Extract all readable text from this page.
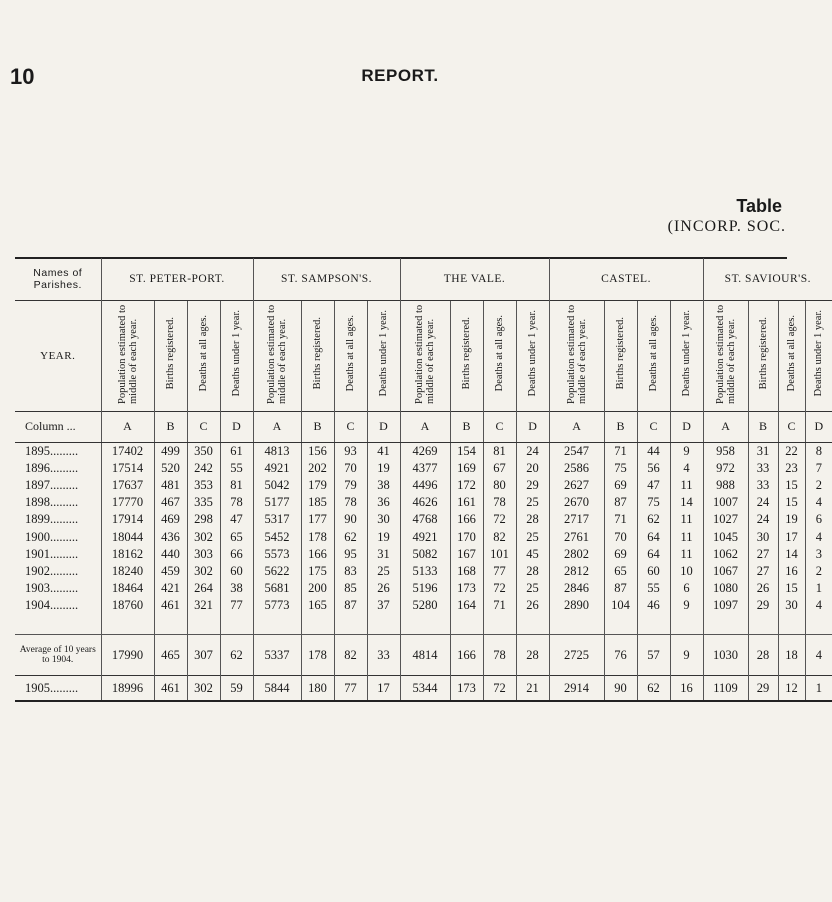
10	REPORT.
Table
(INCORP. SOC.
Names of Parishes.	ST. PETER-PORT.				ST. SAMPSON'S.				THE VALE.				CASTEL.				ST. SAVIOUR'S.			
YEAR.	Population estimated to middle of each year.	Births registered.	Deaths at all ages.	Deaths under 1 year.	Population estimated to middle of each year.	Births registered.	Deaths at all ages.	Deaths under 1 year.	Population estimated to middle of each year.	Births registered.	Deaths at all ages.	Deaths under 1 year.	Population estimated to middle of each year.	Births registered.	Deaths at all ages.	Deaths under 1 year.	Population estimated to middle of each year.	Births registered.	Deaths at all ages.	Deaths under 1 year.
Column ...	A	B	C	D	A	B	C	D	A	B	C	D	A	B	C	D	A	B	C	D
1895.........	17402	499	350	61	4813	156	93	41	4269	154	81	24	2547	71	44	9	958	31	22	8
1896.........	17514	520	242	55	4921	202	70	19	4377	169	67	20	2586	75	56	4	972	33	23	7
1897.........	17637	481	353	81	5042	179	79	38	4496	172	80	29	2627	69	47	11	988	33	15	2
1898.........	17770	467	335	78	5177	185	78	36	4626	161	78	25	2670	87	75	14	1007	24	15	4
1899.........	17914	469	298	47	5317	177	90	30	4768	166	72	28	2717	71	62	11	1027	24	19	6
1900.........	18044	436	302	65	5452	178	62	19	4921	170	82	25	2761	70	64	11	1045	30	17	4
1901.........	18162	440	303	66	5573	166	95	31	5082	167	101	45	2802	69	64	11	1062	27	14	3
1902.........	18240	459	302	60	5622	175	83	25	5133	168	77	28	2812	65	60	10	1067	27	16	2
1903.........	18464	421	264	38	5681	200	85	26	5196	173	72	25	2846	87	55	6	1080	26	15	1
1904.........	18760	461	321	77	5773	165	87	37	5280	164	71	26	2890	104	46	9	1097	29	30	4

Average of 10 years to 1904.	17990	465	307	62	5337	178	82	33	4814	166	78	28	2725	76	57	9	1030	28	18	4
1905.........	18996	461	302	59	5844	180	77	17	5344	173	72	21	2914	90	62	16	1109	29	12	1
